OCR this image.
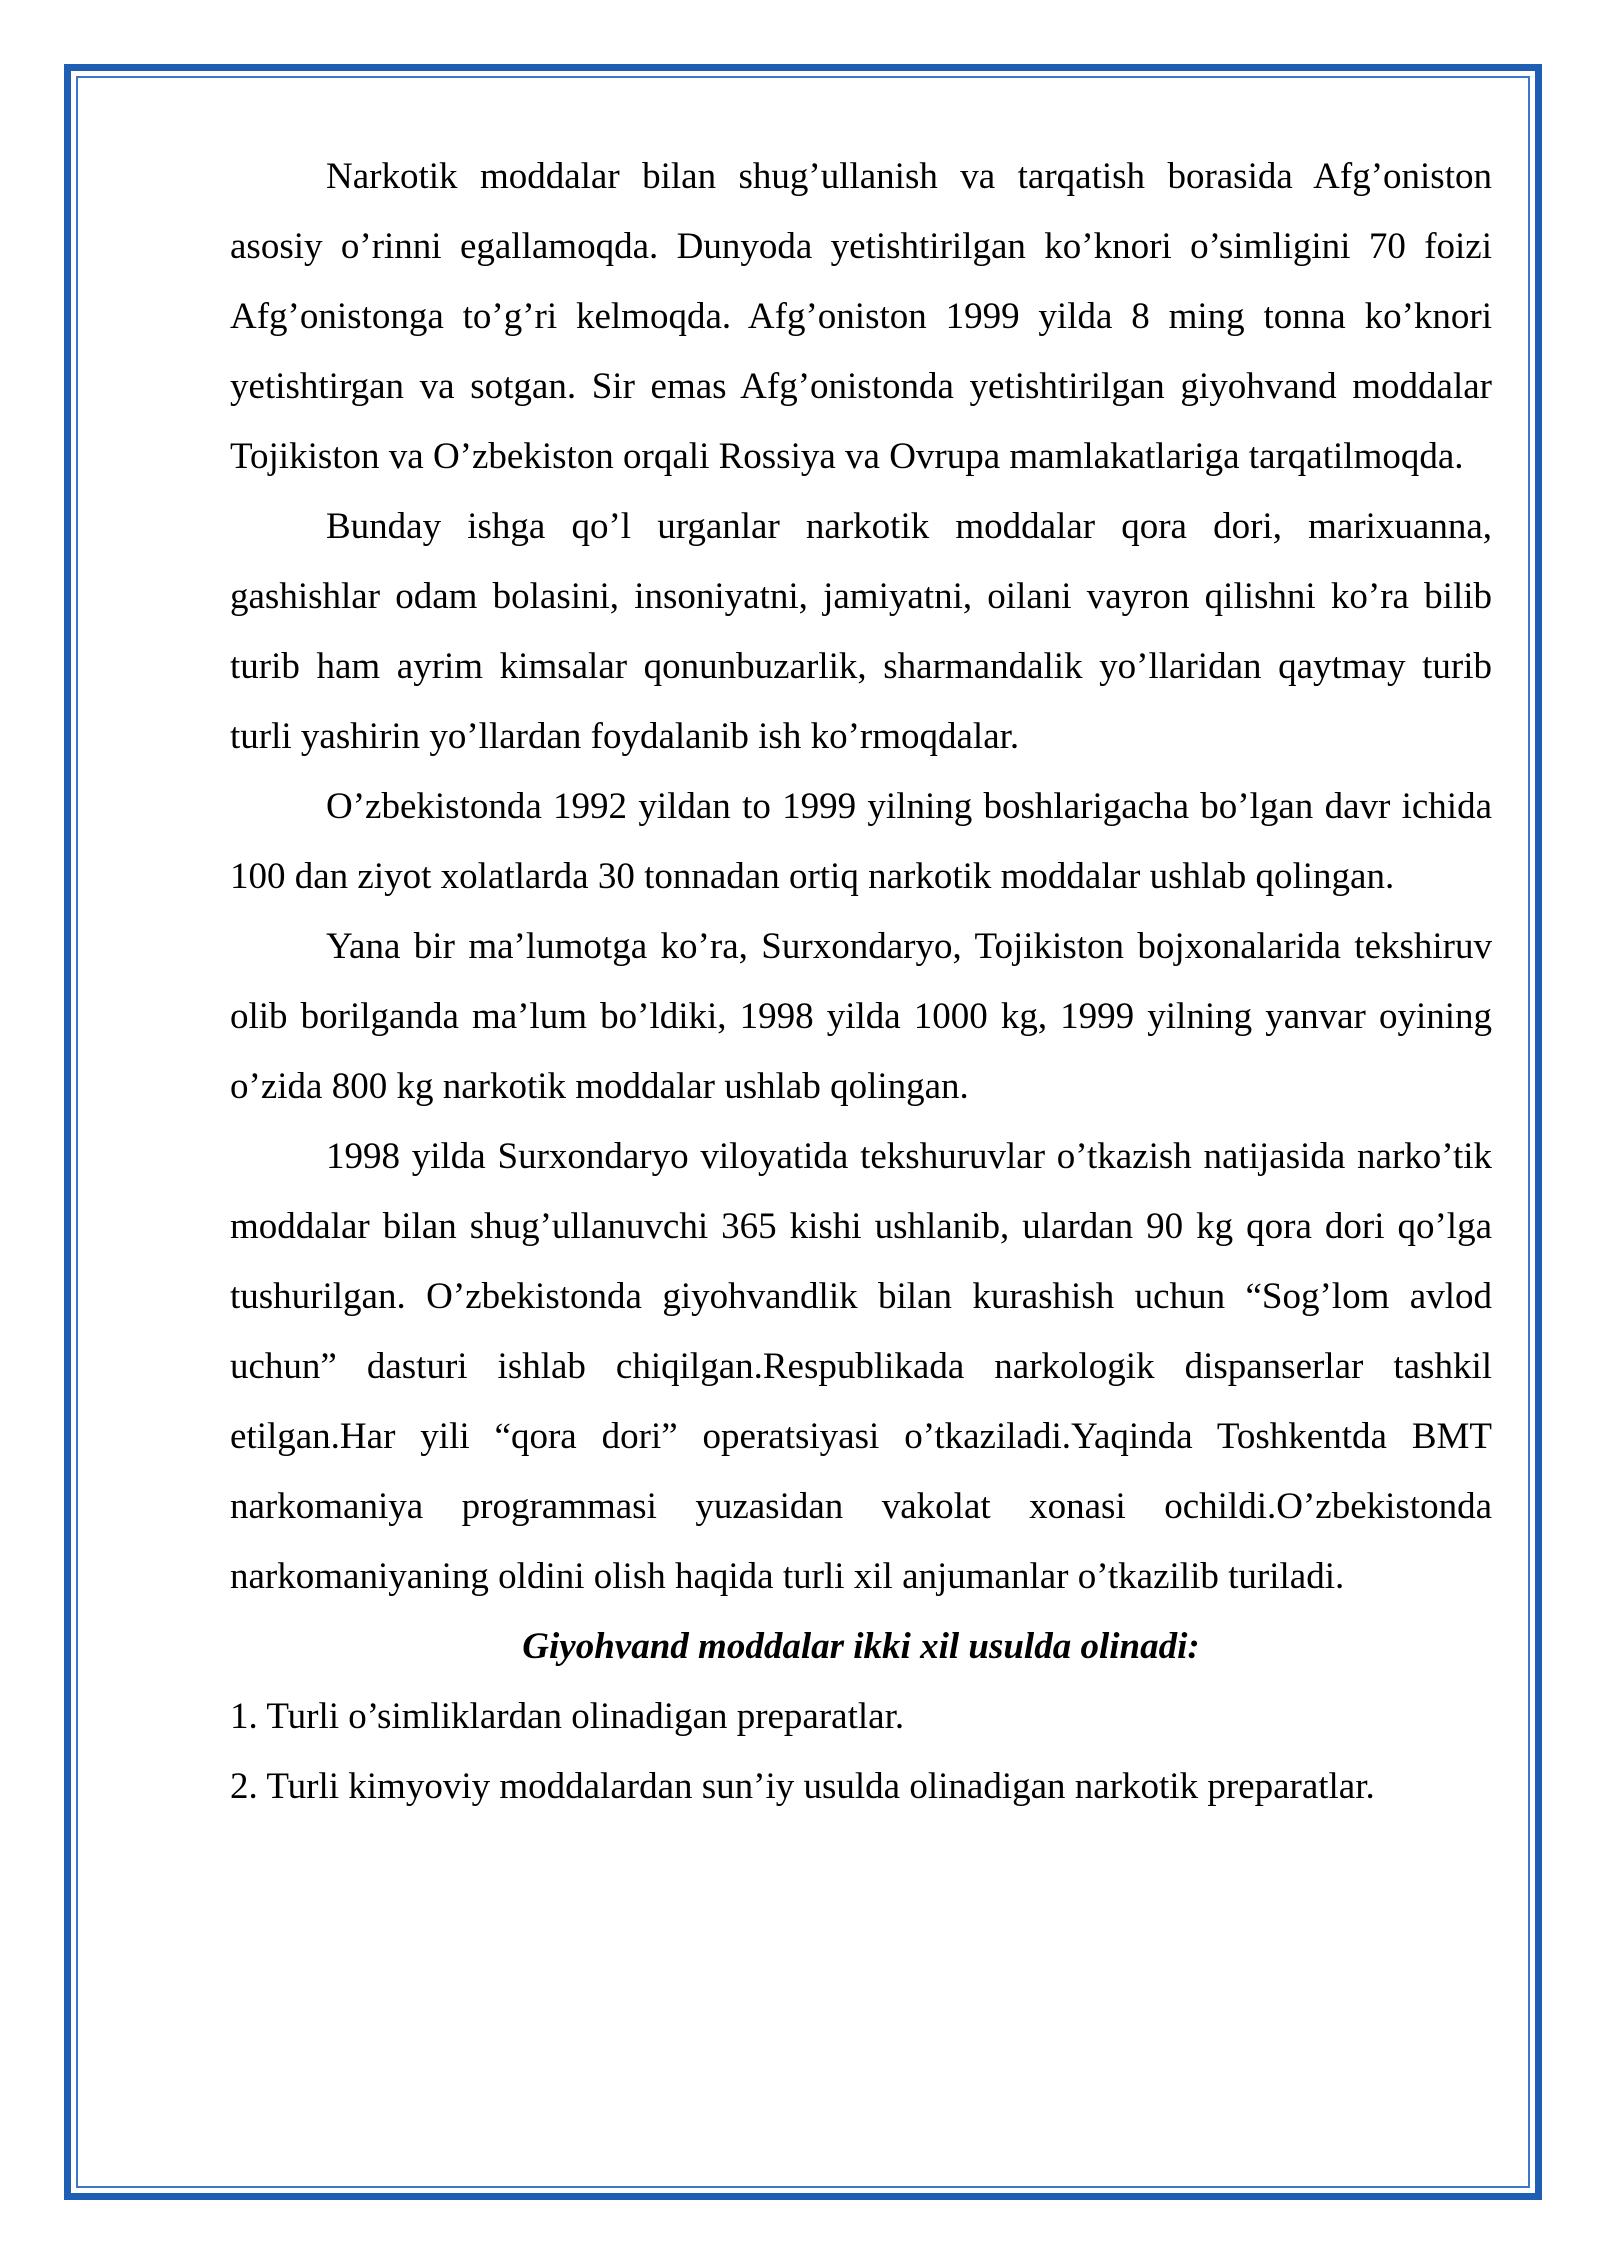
Narkotik moddalar bilan shug’ullanish va tarqatish borasida Afg’oniston asosiy o’rinni egallamoqda. Dunyoda yetishtirilgan ko’knori o’simligini 70 foizi Afg’onistonga to’g’ri kelmoqda. Afg’oniston 1999 yilda 8 ming tonna ko’knori yetishtirgan va sotgan. Sir emas Afg’onistonda yetishtirilgan giyohvand moddalar Tojikiston va O’zbekiston orqali Rossiya va Ovrupa mamlakatlariga tarqatilmoqda.

Bunday ishga qo’l urganlar narkotik moddalar qora dori, marixuanna, gashishlar odam bolasini, insoniyatni, jamiyatni, oilani vayron qilishni ko’ra bilib turib ham ayrim kimsalar qonunbuzarlik, sharmandalik yo’llaridan qaytmay turib turli yashirin yo’llardan foydalanib ish ko’rmoqdalar.

O’zbekistonda 1992 yildan to 1999 yilning boshlarigacha bo’lgan davr ichida 100 dan ziyot xolatlarda 30 tonnadan ortiq narkotik moddalar ushlab qolingan.

Yana bir ma’lumotga ko’ra, Surxondaryo, Tojikiston bojxonalarida tekshiruv olib borilganda ma’lum bo’ldiki, 1998 yilda 1000 kg, 1999 yilning yanvar oyining o’zida 800 kg narkotik moddalar ushlab qolingan.

1998 yilda Surxondaryo viloyatida tekshuruvlar o’tkazish natijasida narko’tik moddalar bilan shug’ullanuvchi 365 kishi ushlanib, ulardan 90 kg qora dori qo’lga tushurilgan. O’zbekistonda giyohvandlik bilan kurashish uchun “Sog’lom avlod uchun” dasturi ishlab chiqilgan.Respublikada narkologik dispanserlar tashkil etilgan.Har yili “qora dori” operatsiyasi o’tkaziladi.Yaqinda Toshkentda BMT narkomaniya programmasi yuzasidan vakolat xonasi ochildi.O’zbekistonda narkomaniyaning oldini olish haqida turli xil anjumanlar o’tkazilib turiladi.

Giyohvand moddalar ikki xil usulda olinadi:

1. Turli o’simliklardan olinadigan preparatlar.
2. Turli kimyoviy moddalardan sun’iy usulda olinadigan narkotik preparatlar.
